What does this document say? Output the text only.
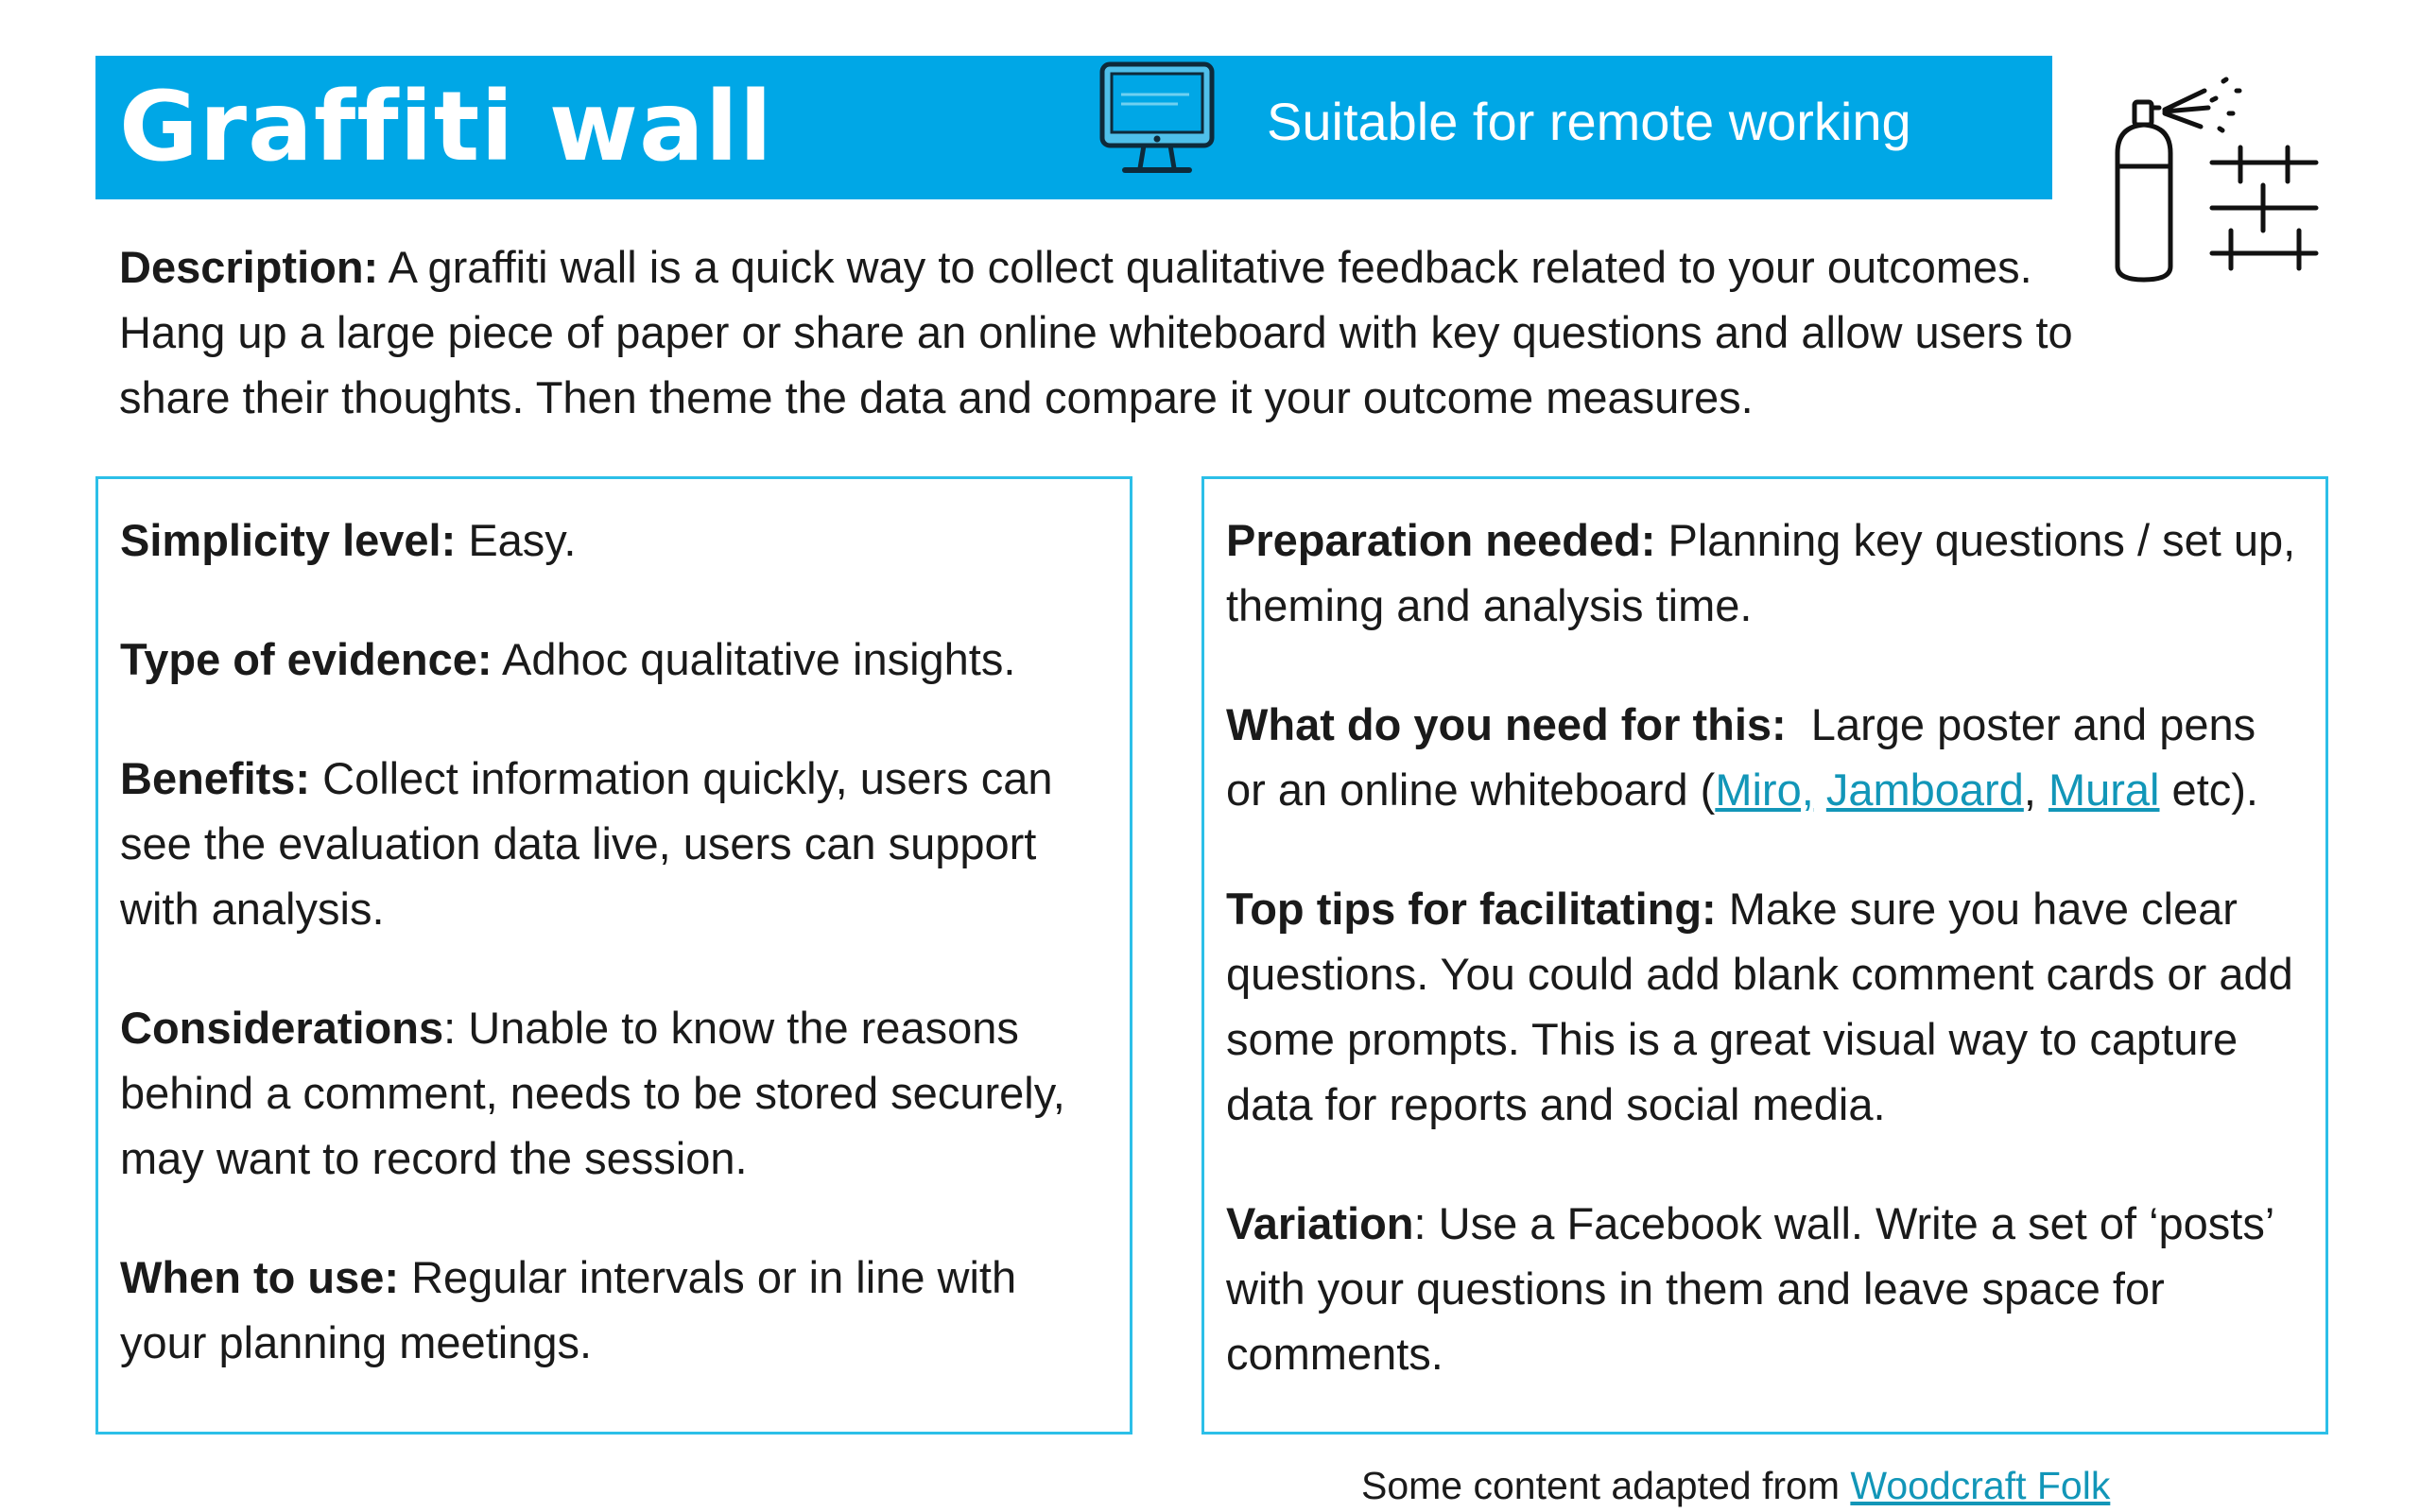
Graffiti wall	Suitable for remote working

Description: A graffiti wall is a quick way to collect qualitative feedback related to your outcomes. Hang up a large piece of paper or share an online whiteboard with key questions and allow users to share their thoughts. Then theme the data and compare it your outcome measures.

Simplicity level: Easy.

Type of evidence: Adhoc qualitative insights.

Benefits: Collect information quickly, users can see the evaluation data live, users can support with analysis.

Considerations: Unable to know the reasons behind a comment, needs to be stored securely, may want to record the session.

When to use: Regular intervals or in line with your planning meetings.

Preparation needed: Planning key questions / set up, theming and analysis time.

What do you need for this:  Large poster and pens or an online whiteboard (Miro, Jamboard, Mural etc).

Top tips for facilitating: Make sure you have clear questions. You could add blank comment cards or add some prompts. This is a great visual way to capture data for reports and social media.

Variation: Use a Facebook wall. Write a set of ‘posts’ with your questions in them and leave space for comments.

Some content adapted from Woodcraft Folk
